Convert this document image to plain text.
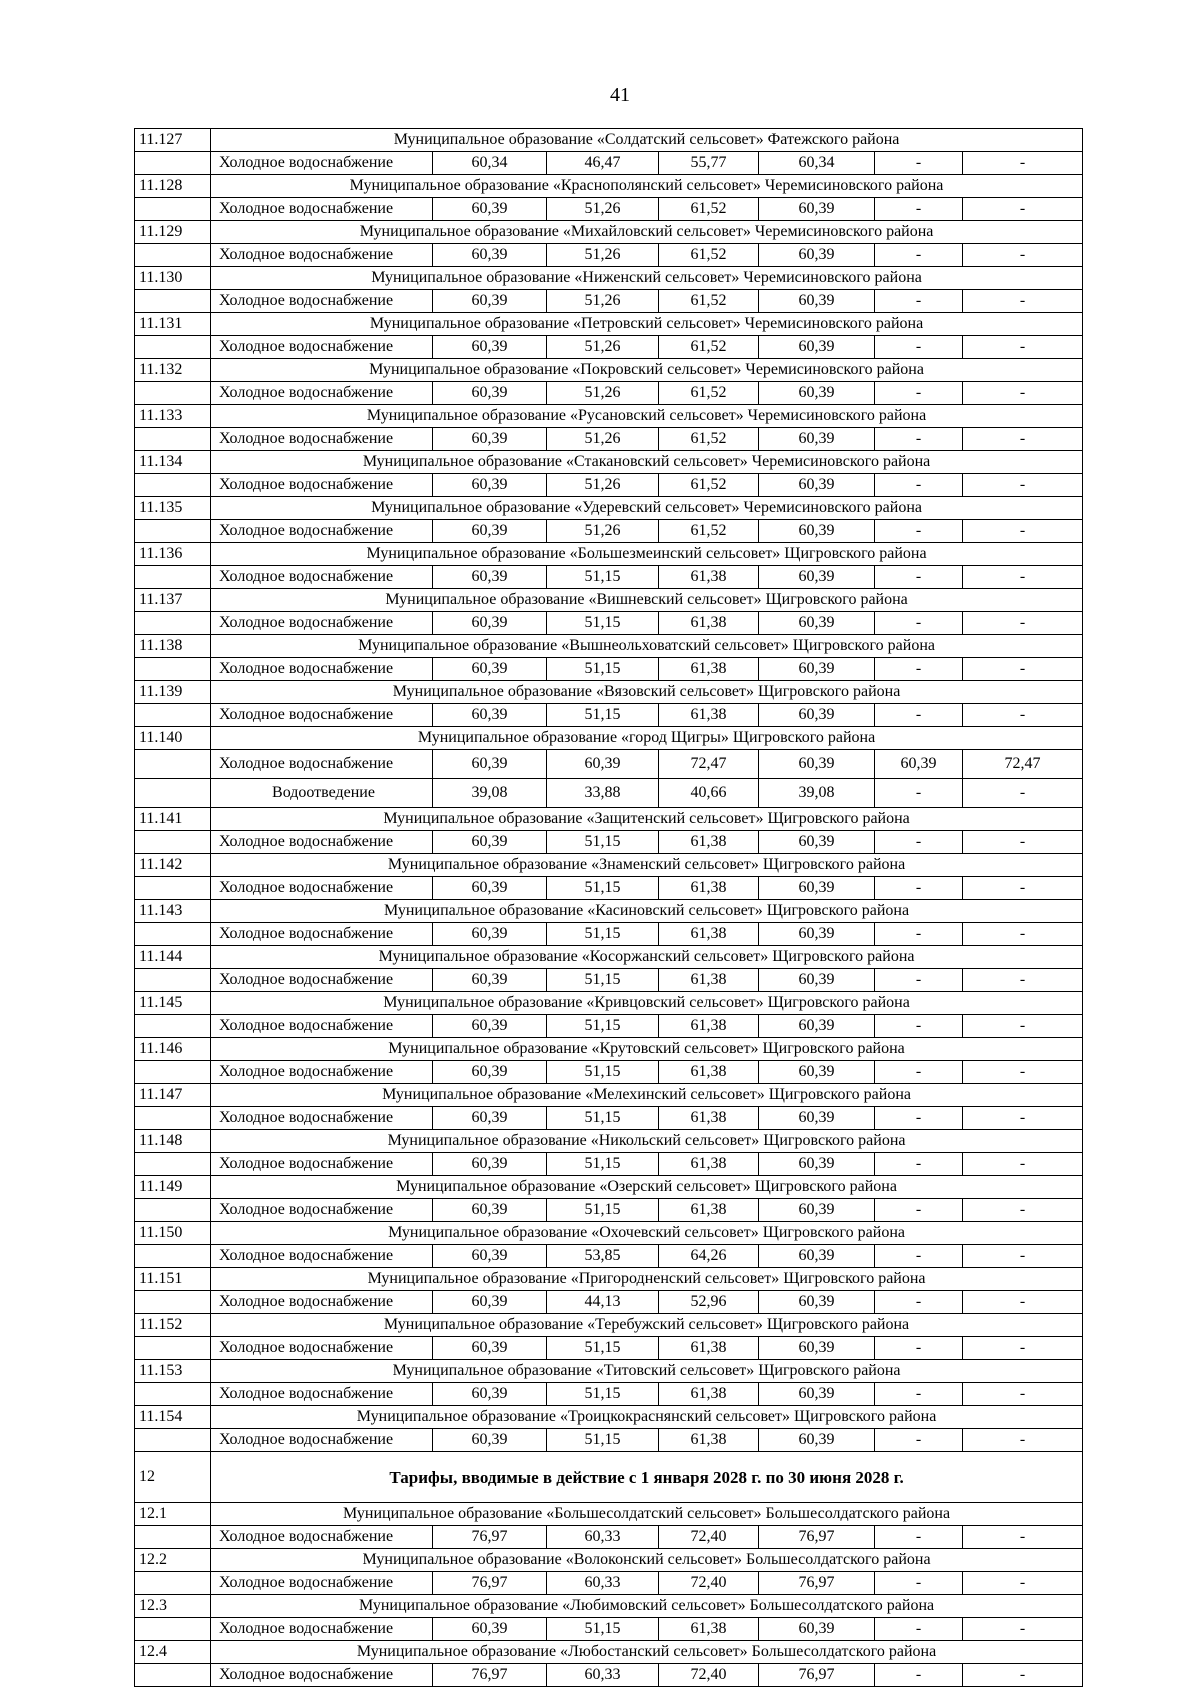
41
11.127	Муниципальное образование «Солдатский сельсовет» Фатежского района						
	Холодное водоснабжение	60,34	46,47	55,77	60,34	-	-
11.128	Муниципальное образование «Краснополянский сельсовет» Черемисиновского района						
	Холодное водоснабжение	60,39	51,26	61,52	60,39	-	-
11.129	Муниципальное образование «Михайловский сельсовет» Черемисиновского района						
	Холодное водоснабжение	60,39	51,26	61,52	60,39	-	-
11.130	Муниципальное образование «Ниженский сельсовет» Черемисиновского района						
	Холодное водоснабжение	60,39	51,26	61,52	60,39	-	-
11.131	Муниципальное образование «Петровский сельсовет» Черемисиновского района						
	Холодное водоснабжение	60,39	51,26	61,52	60,39	-	-
11.132	Муниципальное образование «Покровский сельсовет» Черемисиновского района						
	Холодное водоснабжение	60,39	51,26	61,52	60,39	-	-
11.133	Муниципальное образование «Русановский сельсовет» Черемисиновского района						
	Холодное водоснабжение	60,39	51,26	61,52	60,39	-	-
11.134	Муниципальное образование «Стакановский сельсовет» Черемисиновского района						
	Холодное водоснабжение	60,39	51,26	61,52	60,39	-	-
11.135	Муниципальное образование «Удеревский сельсовет» Черемисиновского района						
	Холодное водоснабжение	60,39	51,26	61,52	60,39	-	-
11.136	Муниципальное образование «Большезмеинский сельсовет» Щигровского района						
	Холодное водоснабжение	60,39	51,15	61,38	60,39	-	-
11.137	Муниципальное образование «Вишневский сельсовет» Щигровского района						
	Холодное водоснабжение	60,39	51,15	61,38	60,39	-	-
11.138	Муниципальное образование «Вышнеольховатский сельсовет» Щигровского района						
	Холодное водоснабжение	60,39	51,15	61,38	60,39	-	-
11.139	Муниципальное образование «Вязовский сельсовет» Щигровского района						
	Холодное водоснабжение	60,39	51,15	61,38	60,39	-	-
11.140	Муниципальное образование «город Щигры» Щигровского района						
	Холодное водоснабжение	60,39	60,39	72,47	60,39	60,39	72,47
	Водоотведение	39,08	33,88	40,66	39,08	-	-
11.141	Муниципальное образование «Защитенский сельсовет» Щигровского района						
	Холодное водоснабжение	60,39	51,15	61,38	60,39	-	-
11.142	Муниципальное образование «Знаменский сельсовет» Щигровского района						
	Холодное водоснабжение	60,39	51,15	61,38	60,39	-	-
11.143	Муниципальное образование «Касиновский сельсовет» Щигровского района						
	Холодное водоснабжение	60,39	51,15	61,38	60,39	-	-
11.144	Муниципальное образование «Косоржанский сельсовет» Щигровского района						
	Холодное водоснабжение	60,39	51,15	61,38	60,39	-	-
11.145	Муниципальное образование «Кривцовский сельсовет» Щигровского района						
	Холодное водоснабжение	60,39	51,15	61,38	60,39	-	-
11.146	Муниципальное образование «Крутовский сельсовет» Щигровского района						
	Холодное водоснабжение	60,39	51,15	61,38	60,39	-	-
11.147	Муниципальное образование «Мелехинский сельсовет» Щигровского района						
	Холодное водоснабжение	60,39	51,15	61,38	60,39	-	-
11.148	Муниципальное образование «Никольский сельсовет» Щигровского района						
	Холодное водоснабжение	60,39	51,15	61,38	60,39	-	-
11.149	Муниципальное образование «Озерский сельсовет» Щигровского района						
	Холодное водоснабжение	60,39	51,15	61,38	60,39	-	-
11.150	Муниципальное образование «Охочевский сельсовет» Щигровского района						
	Холодное водоснабжение	60,39	53,85	64,26	60,39	-	-
11.151	Муниципальное образование «Пригородненский сельсовет» Щигровского района						
	Холодное водоснабжение	60,39	44,13	52,96	60,39	-	-
11.152	Муниципальное образование «Теребужский сельсовет» Щигровского района						
	Холодное водоснабжение	60,39	51,15	61,38	60,39	-	-
11.153	Муниципальное образование «Титовский сельсовет» Щигровского района						
	Холодное водоснабжение	60,39	51,15	61,38	60,39	-	-
11.154	Муниципальное образование «Троицкокраснянский сельсовет» Щигровского района						
	Холодное водоснабжение	60,39	51,15	61,38	60,39	-	-
12	Тарифы, вводимые в действие с 1 января 2028 г. по 30 июня 2028 г.						
12.1	Муниципальное образование «Большесолдатский сельсовет» Большесолдатского района						
	Холодное водоснабжение	76,97	60,33	72,40	76,97	-	-
12.2	Муниципальное образование «Волоконский сельсовет» Большесолдатского района						
	Холодное водоснабжение	76,97	60,33	72,40	76,97	-	-
12.3	Муниципальное образование «Любимовский сельсовет» Большесолдатского района						
	Холодное водоснабжение	60,39	51,15	61,38	60,39	-	-
12.4	Муниципальное образование «Любостанский сельсовет» Большесолдатского района						
	Холодное водоснабжение	76,97	60,33	72,40	76,97	-	-
